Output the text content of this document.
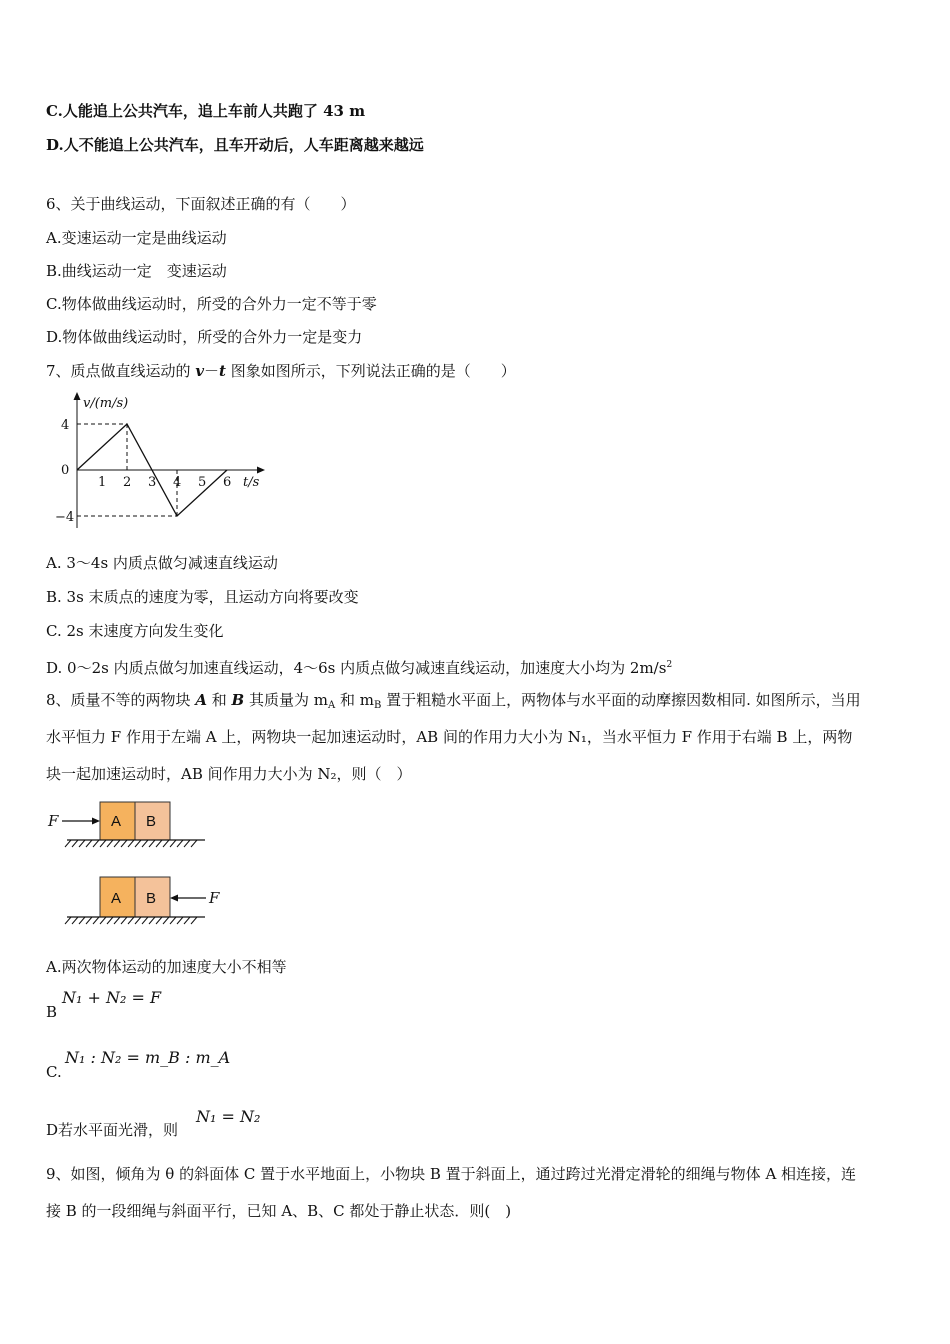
C.人能追上公共汽车，追上车前人共跑了 43 m
D.人不能追上公共汽车，且车开动后，人车距离越来越远
6、关于曲线运动，下面叙述正确的有（　　）
A.变速运动一定是曲线运动
B.曲线运动一定　变速运动
C.物体做曲线运动时，所受的合外力一定不等于零
D.物体做曲线运动时，所受的合外力一定是变力
7、质点做直线运动的 v－t 图象如图所示，下列说法正确的是（　　）
1 2 3 4 5 6
4
0
−4
v/(m/s)
t/s
A. 3～4s 内质点做匀减速直线运动
B. 3s 末质点的速度为零，且运动方向将要改变
C. 2s 末速度方向发生变化
D. 0～2s 内质点做匀加速直线运动，4～6s 内质点做匀减速直线运动，加速度大小均为 $2m/s^2$
8、质量不等的两物块 A 和 B 其质量为 $m_A$ 和 $m_B$ 置于粗糙水平面上，两物体与水平面的动摩擦因数相同. 如图所示，当用
水平恒力 F 作用于左端 A 上，两物块一起加速运动时，AB 间的作用力大小为 N₁，当水平恒力 F 作用于右端 B 上，两物
块一起加速运动时，AB 间作用力大小为 N₂，则（　）
F	A B
A B	F
A.两次物体运动的加速度大小不相等
B
N₁ + N₂ = F
C.
N₁ : N₂ = m_B : m_A
D若水平面光滑，则
N₁ = N₂
9、如图，倾角为 θ 的斜面体 C 置于水平地面上，小物块 B 置于斜面上，通过跨过光滑定滑轮的细绳与物体 A 相连接，连
接 B 的一段细绳与斜面平行，已知 A、B、C 都处于静止状态．则(　)
